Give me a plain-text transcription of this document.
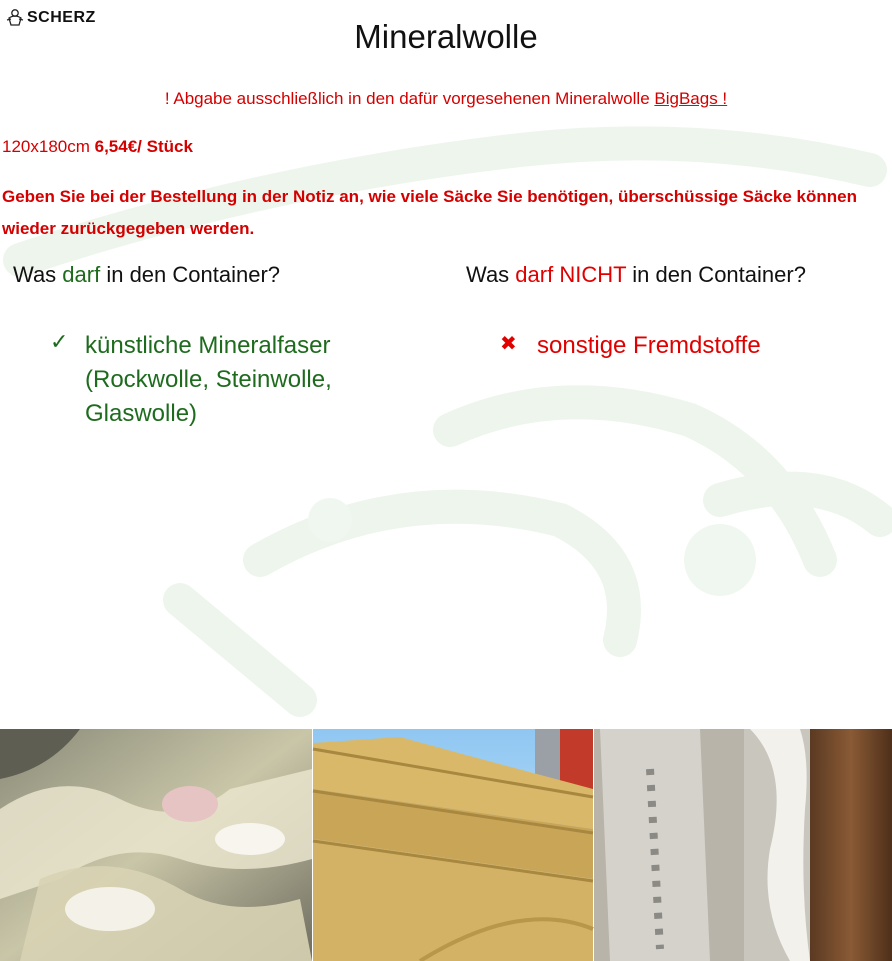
SCHERZ
Mineralwolle
! Abgabe ausschließlich in den dafür vorgesehenen Mineralwolle BigBags !
120x180cm 6,54€/ Stück
Geben Sie bei der Bestellung in der Notiz an, wie viele Säcke Sie benötigen, überschüssige Säcke können wieder zurückgegeben werden.
Was darf in den Container?	Was darf NICHT in den Container?
✓ künstliche Mineralfaser (Rockwolle, Steinwolle, Glaswolle)
✖ sonstige Fremdstoffe
